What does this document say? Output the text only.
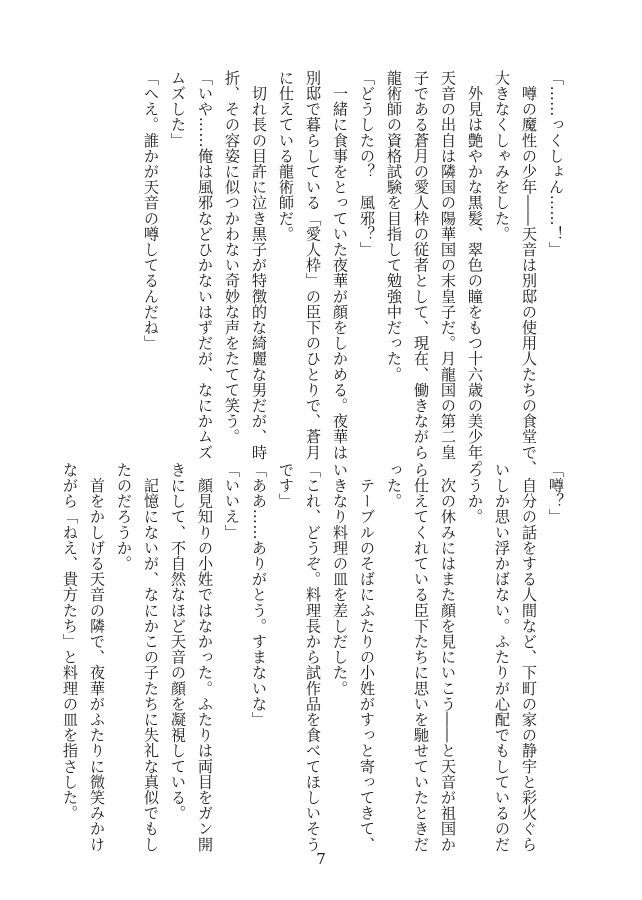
「……っくしょん……！」
　噂の魔性の少年――天音は別邸の使用人たちの食堂で、
大きなくしゃみをした。
　外見は艶やかな黒髪、翠色の瞳をもつ十六歳の美少年。
天音の出自は隣国の陽華国の末皇子だ。月龍国の第二皇
子である蒼月の愛人枠の従者として、現在、働きながら
龍術師の資格試験を目指して勉強中だった。
「どうしたの？　風邪？」
　一緒に食事をとっていた夜華が顔をしかめる。夜華は
別邸で暮らしている「愛人枠」の臣下のひとりで、蒼月
に仕えている龍術師だ。
　切れ長の目許に泣き黒子が特徴的な綺麗な男だが、時
折、その容姿に似つかわない奇妙な声をたてて笑う。
「いや……俺は風邪などひかないはずだが、なにかムズ
ムズした」
「へえ。誰かが天音の噂してるんだね」
「噂？」
　自分の話をする人間など、下町の家の静宇と彩火ぐら
いしか思い浮かばない。ふたりが心配でもしているのだ
ろうか。
　次の休みにはまた顔を見にいこう――と天音が祖国か
ら仕えてくれている臣下たちに思いを馳せていたときだ
った。
　テーブルのそばにふたりの小姓がすっと寄ってきて、
いきなり料理の皿を差しだした。
「これ、どうぞ。料理長から試作品を食べてほしいそう
です」
「ああ……ありがとう。すまないな」
「いいえ」
　顔見知りの小姓ではなかった。ふたりは両目をガン開
きにして、不自然なほど天音の顔を凝視している。
　記憶にないが、なにかこの子たちに失礼な真似でもし
たのだろうか。
　首をかしげる天音の隣で、夜華がふたりに微笑みかけ
ながら「ねえ、貴方たち」と料理の皿を指さした。
7
